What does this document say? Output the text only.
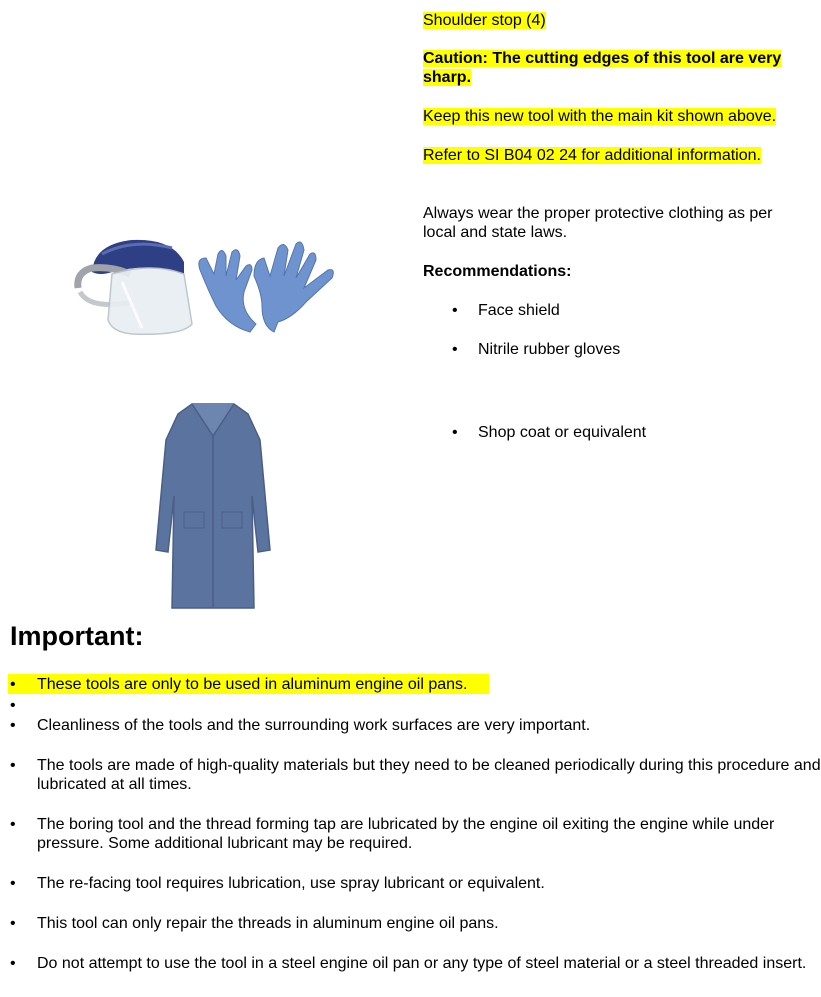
Shoulder stop (4)
Caution: The cutting edges of this tool are very sharp.
Keep this new tool with the main kit shown above.
Refer to SI B04 02 24 for additional information.
Always wear the proper protective clothing as per local and state laws.
Recommendations:
• Face shield
• Nitrile rubber gloves
• Shop coat or equivalent
Important:
• These tools are only to be used in aluminum engine oil pans.
•
• Cleanliness of the tools and the surrounding work surfaces are very important.
• The tools are made of high-quality materials but they need to be cleaned periodically during this procedure and lubricated at all times.
• The boring tool and the thread forming tap are lubricated by the engine oil exiting the engine while under pressure. Some additional lubricant may be required.
• The re-facing tool requires lubrication, use spray lubricant or equivalent.
• This tool can only repair the threads in aluminum engine oil pans.
• Do not attempt to use the tool in a steel engine oil pan or any type of steel material or a steel threaded insert.
